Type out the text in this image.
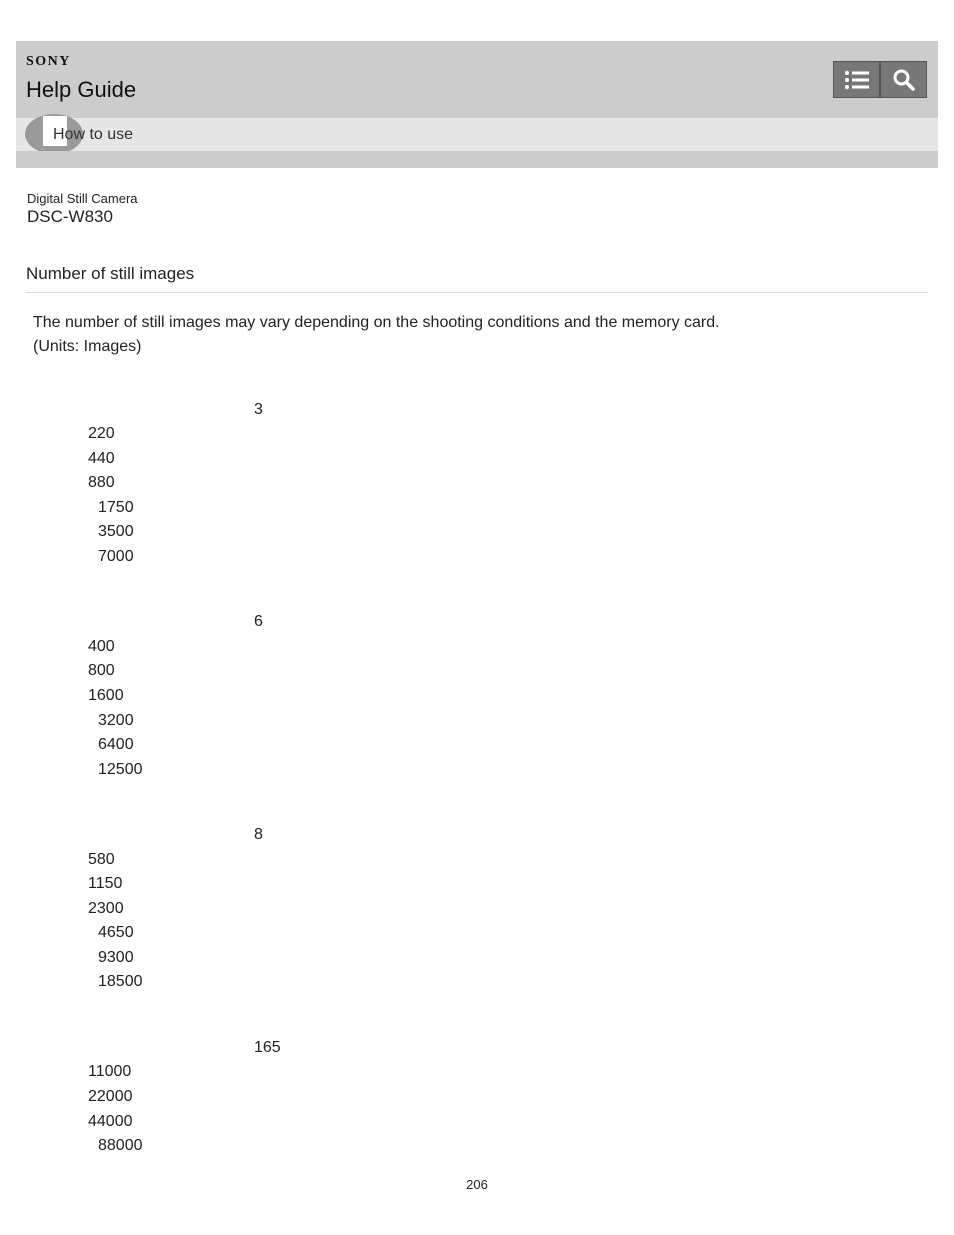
SONY
Help Guide
How to use
Digital Still Camera
DSC-W830
Number of still images
The number of still images may vary depending on the shooting conditions and the memory card.
(Units: Images)
3
220
440
880
1750
3500
7000
6
400
800
1600
3200
6400
12500
8
580
1150
2300
4650
9300
18500
165
11000
22000
44000
88000
206
